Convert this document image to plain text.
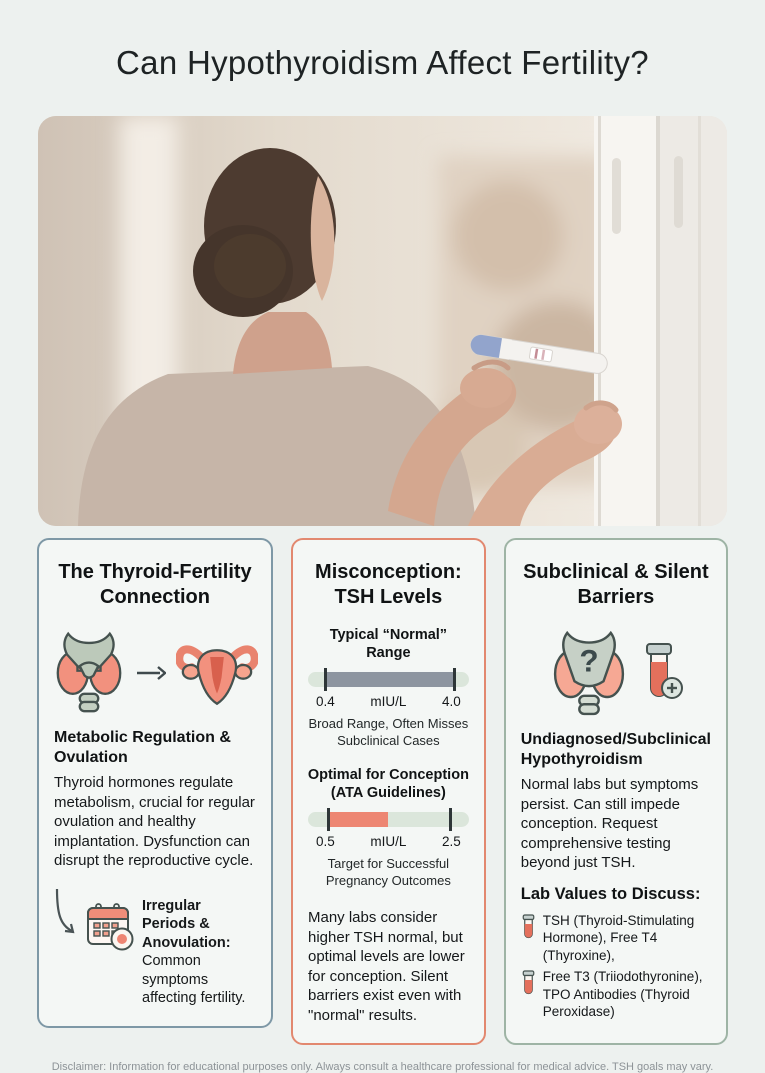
Can Hypothyroidism Affect Fertility?
The Thyroid-Fertility Connection
Metabolic Regulation & Ovulation
Thyroid hormones regulate metabolism, crucial for regular ovulation and healthy implantation. Dysfunction can disrupt the reproductive cycle.
Irregular Periods & Anovulation:
Common symptoms affecting fertility.
Misconception: TSH Levels
Typical “Normal” Range
0.4	mIU/L	4.0
Broad Range, Often Misses Subclinical Cases
Optimal for Conception (ATA Guidelines)
0.5	mIU/L	2.5
Target for Successful Pregnancy Outcomes
Many labs consider higher TSH normal, but optimal levels are lower for conception. Silent barriers exist even with "normal" results.
Subclinical & Silent Barriers
?
Undiagnosed/Subclinical Hypothyroidism
Normal labs but symptoms persist. Can still impede conception. Request comprehensive testing beyond just TSH.
Lab Values to Discuss:
TSH (Thyroid-Stimulating Hormone), Free T4 (Thyroxine),
Free T3 (Triiodothyronine), TPO Antibodies (Thyroid Peroxidase)
Disclaimer: Information for educational purposes only. Always consult a healthcare professional for medical advice. TSH goals may vary.
